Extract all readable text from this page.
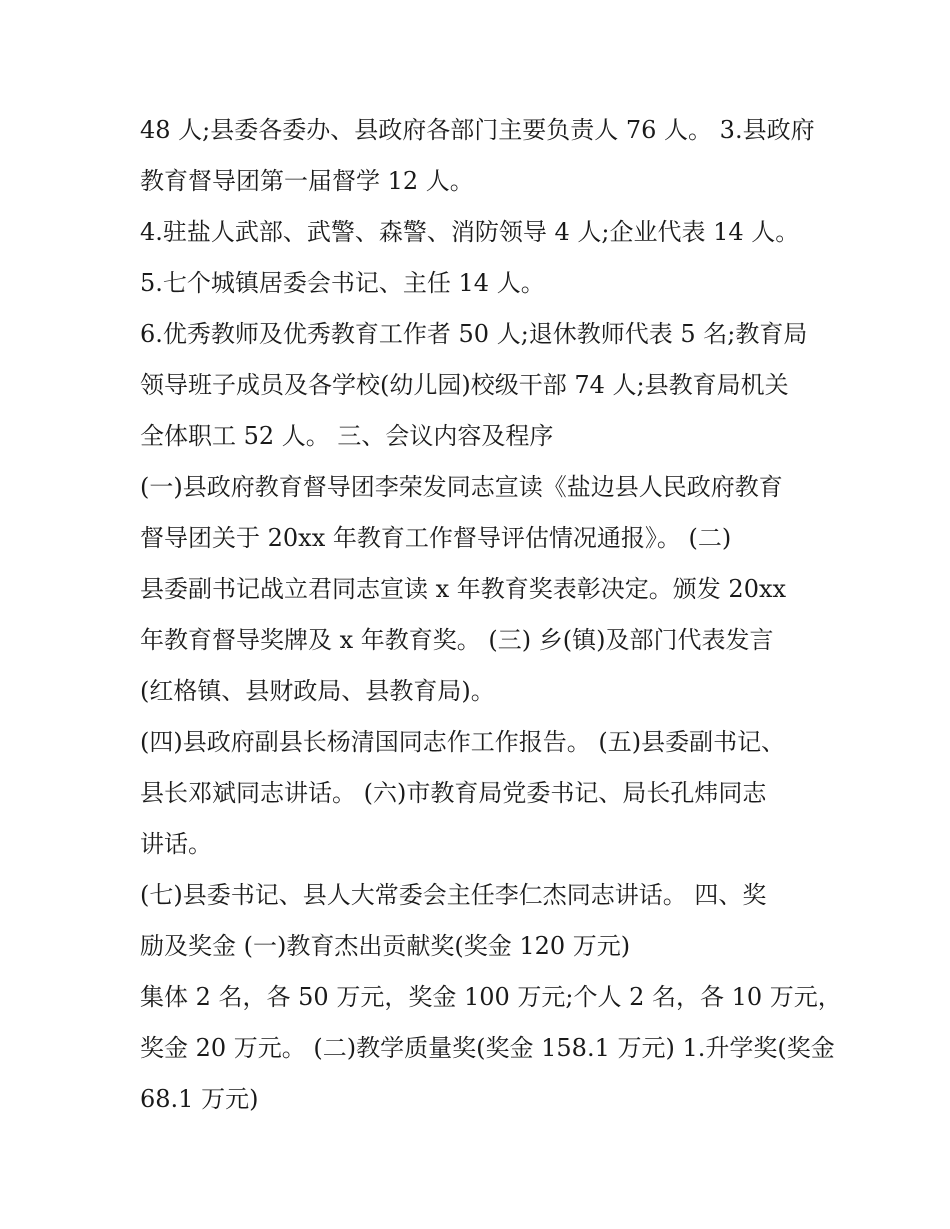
48 人;县委各委办、县政府各部门主要负责人 76 人。 3.县政府
教育督导团第一届督学 12 人。
4.驻盐人武部、武警、森警、消防领导 4 人;企业代表 14 人。
5.七个城镇居委会书记、主任 14 人。
6.优秀教师及优秀教育工作者 50 人;退休教师代表 5 名;教育局
领导班子成员及各学校(幼儿园)校级干部 74 人;县教育局机关
全体职工 52 人。 三、会议内容及程序
(一)县政府教育督导团李荣发同志宣读《盐边县人民政府教育
督导团关于 20xx 年教育工作督导评估情况通报》。 (二)
县委副书记战立君同志宣读 x 年教育奖表彰决定。颁发 20xx
年教育督导奖牌及 x 年教育奖。 (三) 乡(镇)及部门代表发言
(红格镇、县财政局、县教育局)。
(四)县政府副县长杨清国同志作工作报告。 (五)县委副书记、
县长邓斌同志讲话。 (六)市教育局党委书记、局长孔炜同志
讲话。
(七)县委书记、县人大常委会主任李仁杰同志讲话。 四、奖
励及奖金 (一)教育杰出贡献奖(奖金 120 万元)
集体 2 名，各 50 万元，奖金 100 万元;个人 2 名，各 10 万元，
奖金 20 万元。 (二)教学质量奖(奖金 158.1 万元) 1.升学奖(奖金
68.1 万元)
